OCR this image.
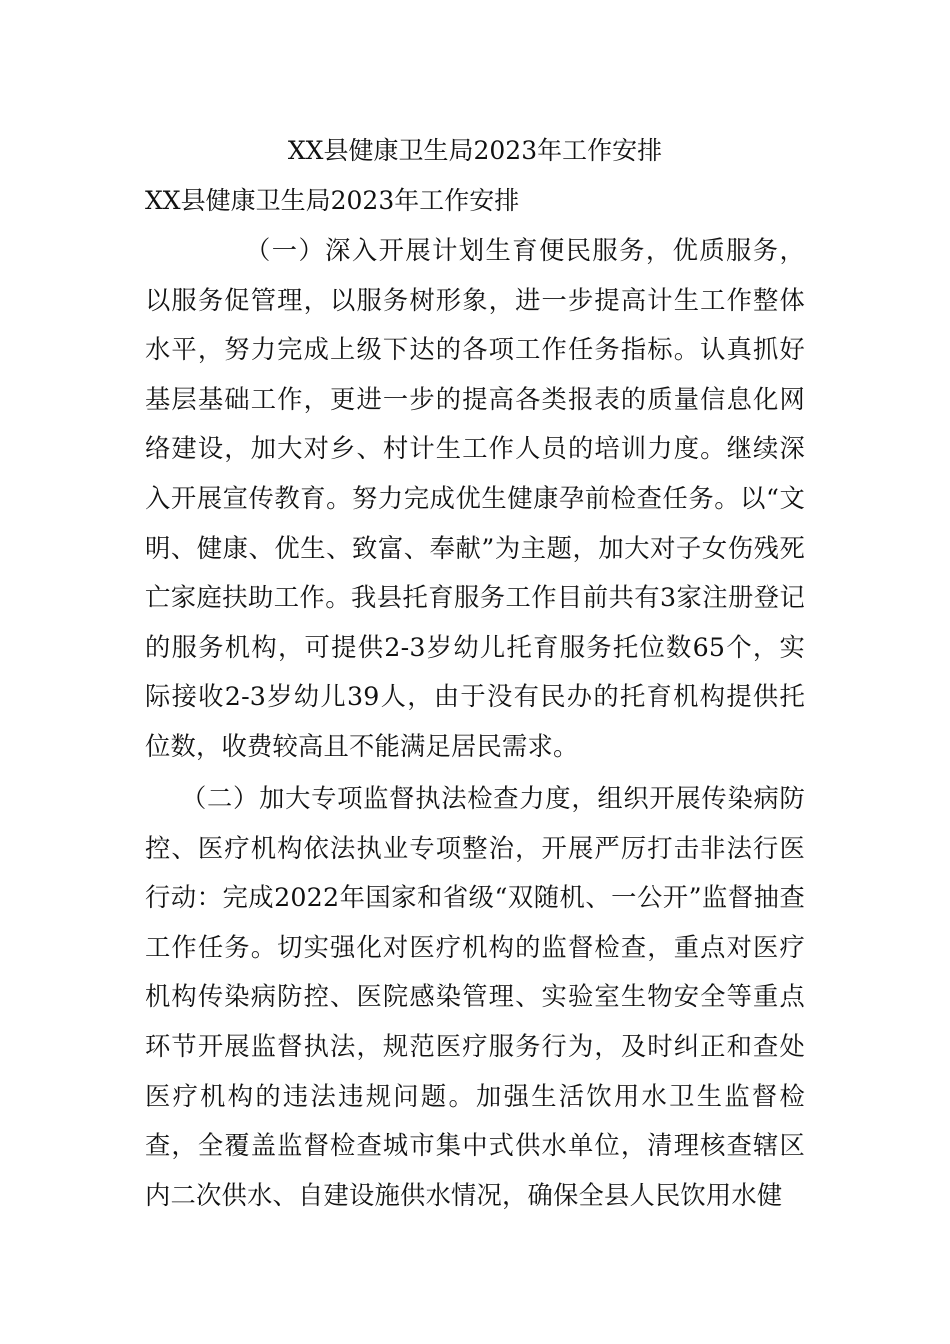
XX县健康卫生局2023年工作安排
XX县健康卫生局2023年工作安排

（一）深入开展计划生育便民服务，优质服务，以服务促管理，以服务树形象，进一步提高计生工作整体水平，努力完成上级下达的各项工作任务指标。认真抓好基层基础工作，更进一步的提高各类报表的质量信息化网络建设，加大对乡、村计生工作人员的培训力度。继续深入开展宣传教育。努力完成优生健康孕前检查任务。以“文明、健康、优生、致富、奉献”为主题，加大对子女伤残死亡家庭扶助工作。我县托育服务工作目前共有3家注册登记的服务机构，可提供2-3岁幼儿托育服务托位数65个，实际接收2-3岁幼儿39人，由于没有民办的托育机构提供托位数，收费较高且不能满足居民需求。

（二）加大专项监督执法检查力度，组织开展传染病防控、医疗机构依法执业专项整治，开展严厉打击非法行医行动：完成2022年国家和省级“双随机、一公开”监督抽查工作任务。切实强化对医疗机构的监督检查，重点对医疗机构传染病防控、医院感染管理、实验室生物安全等重点环节开展监督执法，规范医疗服务行为，及时纠正和查处医疗机构的违法违规问题。加强生活饮用水卫生监督检查，全覆盖监督检查城市集中式供水单位，清理核查辖区内二次供水、自建设施供水情况，确保全县人民饮用水健
